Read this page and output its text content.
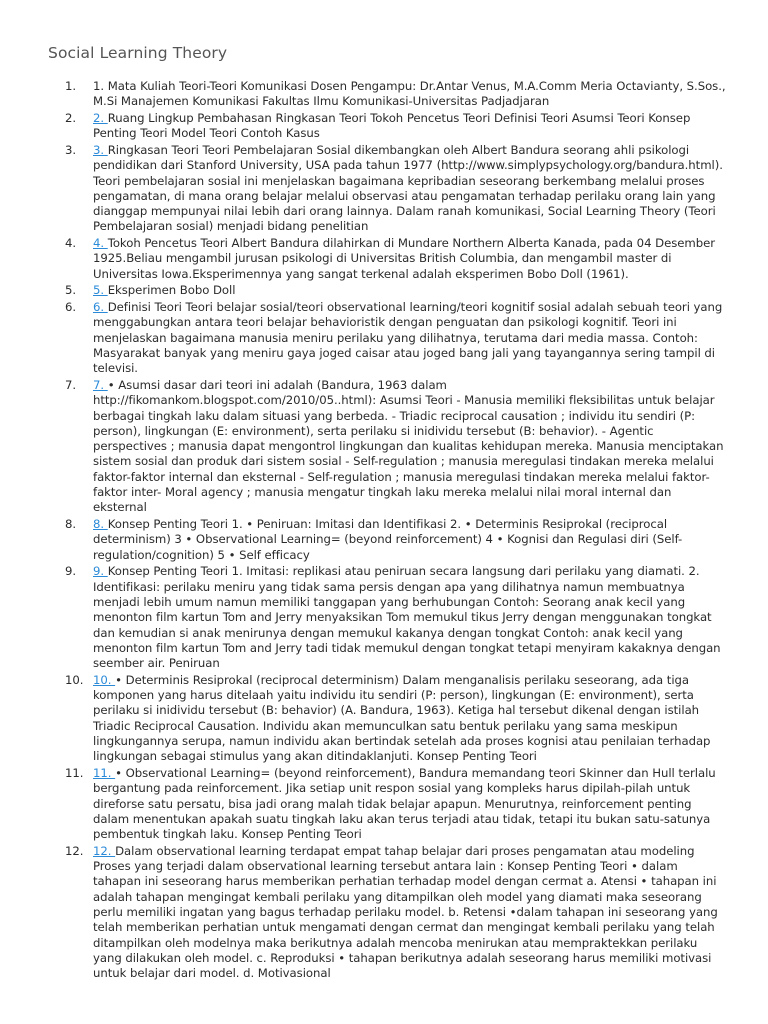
Social Learning Theory
1.	1. Mata Kuliah Teori-Teori Komunikasi Dosen Pengampu: Dr.Antar Venus, M.A.Comm Meria Octavianty, S.Sos., M.Si Manajemen Komunikasi Fakultas Ilmu Komunikasi-Universitas Padjadjaran
2.	2. Ruang Lingkup Pembahasan Ringkasan Teori Tokoh Pencetus Teori Definisi Teori Asumsi Teori Konsep Penting Teori Model Teori Contoh Kasus
3.	3. Ringkasan Teori Teori Pembelajaran Sosial dikembangkan oleh Albert Bandura seorang ahli psikologi pendidikan dari Stanford University, USA pada tahun 1977 (http://www.simplypsychology.org/bandura.html). Teori pembelajaran sosial ini menjelaskan bagaimana kepribadian seseorang berkembang melalui proses pengamatan, di mana orang belajar melalui observasi atau pengamatan terhadap perilaku orang lain yang dianggap mempunyai nilai lebih dari orang lainnya. Dalam ranah komunikasi, Social Learning Theory (Teori Pembelajaran sosial) menjadi bidang penelitian
4.	4. Tokoh Pencetus Teori Albert Bandura dilahirkan di Mundare Northern Alberta Kanada, pada 04 Desember 1925.Beliau mengambil jurusan psikologi di Universitas British Columbia, dan mengambil master di Universitas Iowa.Eksperimennya yang sangat terkenal adalah eksperimen Bobo Doll (1961).
5.	5. Eksperimen Bobo Doll
6.	6. Definisi Teori Teori belajar sosial/teori observational learning/teori kognitif sosial adalah sebuah teori yang menggabungkan antara teori belajar behavioristik dengan penguatan dan psikologi kognitif. Teori ini menjelaskan bagaimana manusia meniru perilaku yang dilihatnya, terutama dari media massa. Contoh: Masyarakat banyak yang meniru gaya joged caisar atau joged bang jali yang tayangannya sering tampil di televisi.
7.	7. • Asumsi dasar dari teori ini adalah (Bandura, 1963 dalam http://fikomankom.blogspot.com/2010/05..html): Asumsi Teori - Manusia memiliki fleksibilitas untuk belajar berbagai tingkah laku dalam situasi yang berbeda. - Triadic reciprocal causation ; individu itu sendiri (P: person), lingkungan (E: environment), serta perilaku si inidividu tersebut (B: behavior). - Agentic perspectives ; manusia dapat mengontrol lingkungan dan kualitas kehidupan mereka. Manusia menciptakan sistem sosial dan produk dari sistem sosial - Self-regulation ; manusia meregulasi tindakan mereka melalui faktor-faktor internal dan eksternal - Self-regulation ; manusia meregulasi tindakan mereka melalui faktor-faktor inter- Moral agency ; manusia mengatur tingkah laku mereka melalui nilai moral internal dan eksternal
8.	8. Konsep Penting Teori 1. • Peniruan: Imitasi dan Identifikasi 2. • Determinis Resiprokal (reciprocal determinism) 3 • Observational Learning= (beyond reinforcement) 4 • Kognisi dan Regulasi diri (Self-regulation/cognition) 5 • Self efficacy
9.	9. Konsep Penting Teori 1. Imitasi: replikasi atau peniruan secara langsung dari perilaku yang diamati. 2. Identifikasi: perilaku meniru yang tidak sama persis dengan apa yang dilihatnya namun membuatnya menjadi lebih umum namun memiliki tanggapan yang berhubungan Contoh: Seorang anak kecil yang menonton film kartun Tom and Jerry menyaksikan Tom memukul tikus Jerry dengan menggunakan tongkat dan kemudian si anak menirunya dengan memukul kakanya dengan tongkat Contoh: anak kecil yang menonton film kartun Tom and Jerry tadi tidak memukul dengan tongkat tetapi menyiram kakaknya dengan seember air. Peniruan
10. 10. • Determinis Resiprokal (reciprocal determinism) Dalam menganalisis perilaku seseorang, ada tiga komponen yang harus ditelaah yaitu individu itu sendiri (P: person), lingkungan (E: environment), serta perilaku si inidividu tersebut (B: behavior) (A. Bandura, 1963). Ketiga hal tersebut dikenal dengan istilah Triadic Reciprocal Causation. Individu akan memunculkan satu bentuk perilaku yang sama meskipun lingkungannya serupa, namun individu akan bertindak setelah ada proses kognisi atau penilaian terhadap lingkungan sebagai stimulus yang akan ditindaklanjuti. Konsep Penting Teori
11. 11. • Observational Learning= (beyond reinforcement), Bandura memandang teori Skinner dan Hull terlalu bergantung pada reinforcement. Jika setiap unit respon sosial yang kompleks harus dipilah-pilah untuk direforse satu persatu, bisa jadi orang malah tidak belajar apapun. Menurutnya, reinforcement penting dalam menentukan apakah suatu tingkah laku akan terus terjadi atau tidak, tetapi itu bukan satu-satunya pembentuk tingkah laku. Konsep Penting Teori
12. 12. Dalam observational learning terdapat empat tahap belajar dari proses pengamatan atau modeling Proses yang terjadi dalam observational learning tersebut antara lain : Konsep Penting Teori • dalam tahapan ini seseorang harus memberikan perhatian terhadap model dengan cermat a. Atensi • tahapan ini adalah tahapan mengingat kembali perilaku yang ditampilkan oleh model yang diamati maka seseorang perlu memiliki ingatan yang bagus terhadap perilaku model. b. Retensi •dalam tahapan ini seseorang yang telah memberikan perhatian untuk mengamati dengan cermat dan mengingat kembali perilaku yang telah ditampilkan oleh modelnya maka berikutnya adalah mencoba menirukan atau mempraktekkan perilaku yang dilakukan oleh model. c. Reproduksi • tahapan berikutnya adalah seseorang harus memiliki motivasi untuk belajar dari model. d. Motivasional
